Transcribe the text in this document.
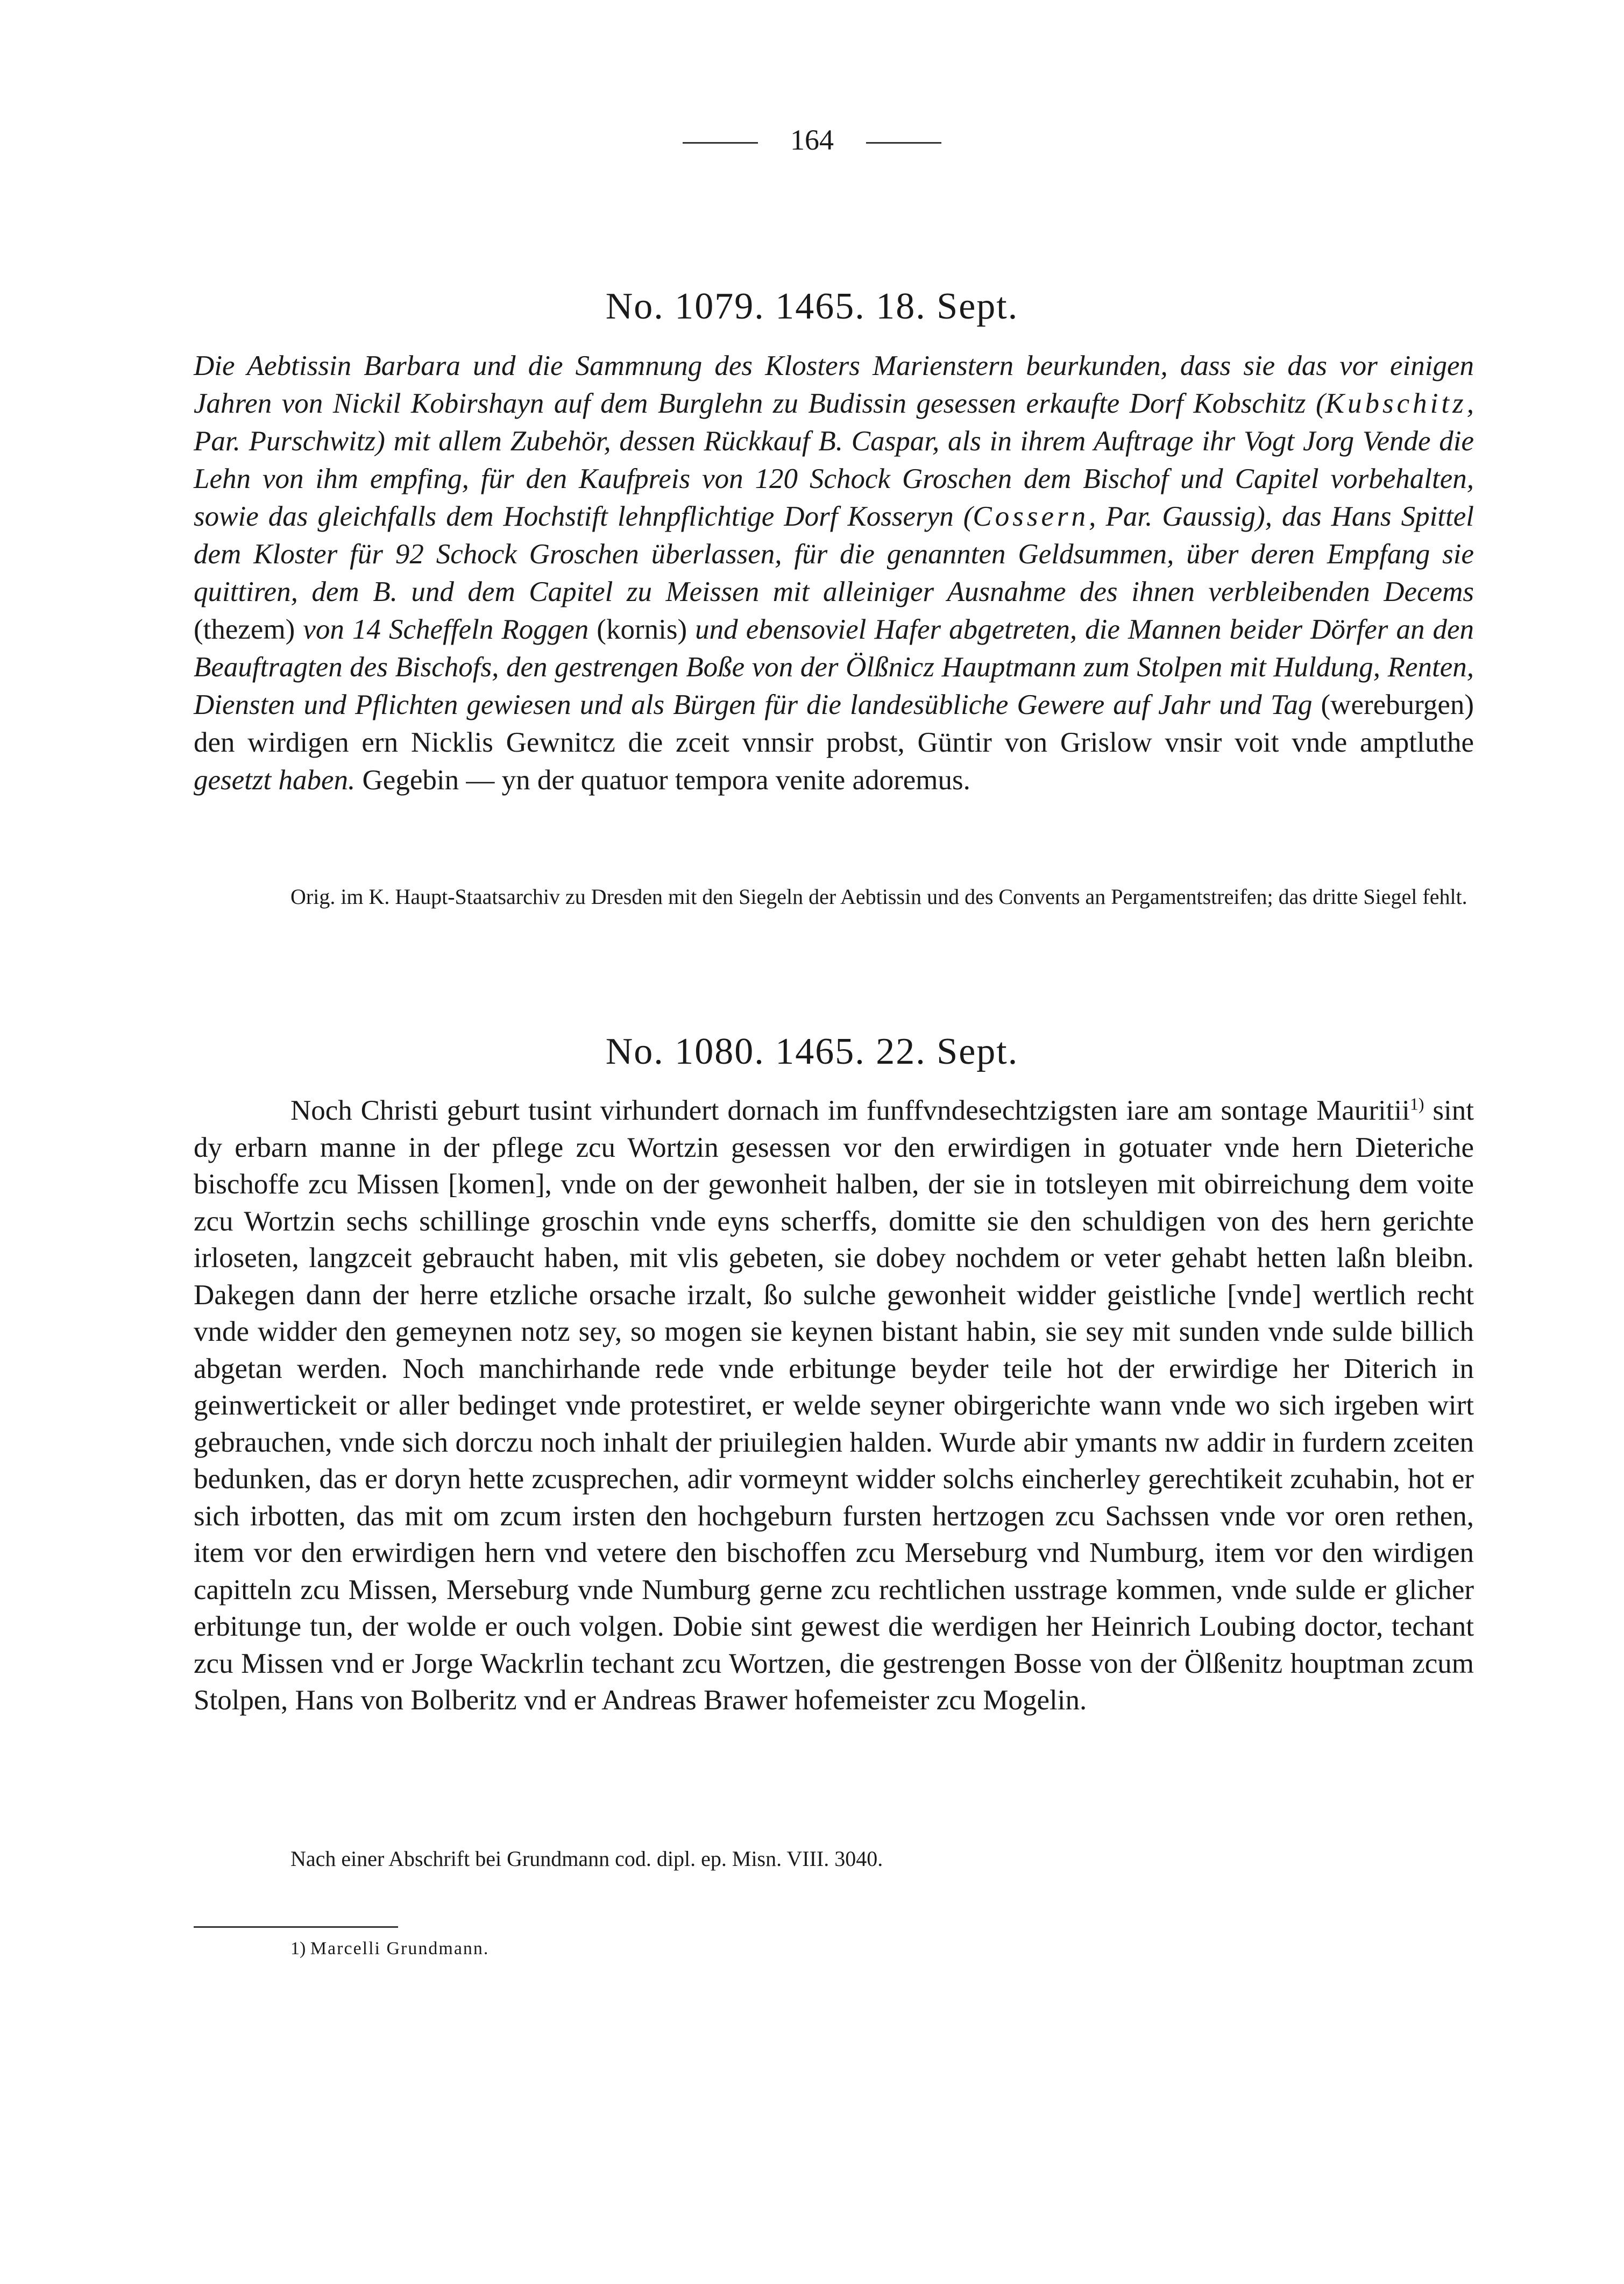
164
No. 1079. 1465. 18. Sept.
Die Aebtissin Barbara und die Sammnung des Klosters Marienstern beurkunden, dass sie das vor einigen Jahren von Nickil Kobirshayn auf dem Burglehn zu Budissin gesessen erkaufte Dorf Kobschitz (Kubschitz, Par. Purschwitz) mit allem Zubehör, dessen Rückkauf B. Caspar, als in ihrem Auftrage ihr Vogt Jorg Vende die Lehn von ihm empfing, für den Kaufpreis von 120 Schock Groschen dem Bischof und Capitel vorbehalten, sowie das gleichfalls dem Hochstift lehnpflichtige Dorf Kosseryn (Cossern, Par. Gaussig), das Hans Spittel dem Kloster für 92 Schock Groschen überlassen, für die genannten Geldsummen, über deren Empfang sie quittiren, dem B. und dem Capitel zu Meissen mit alleiniger Ausnahme des ihnen verbleibenden Decems (thezem) von 14 Scheffeln Roggen (kornis) und ebensoviel Hafer abgetreten, die Mannen beider Dörfer an den Beauftragten des Bischofs, den gestrengen Boße von der Ölßnicz Hauptmann zum Stolpen mit Huldung, Renten, Diensten und Pflichten gewiesen und als Bürgen für die landesübliche Gewere auf Jahr und Tag (wereburgen) den wirdigen ern Nicklis Gewnitcz die zceit vnnsir probst, Güntir von Grislow vnsir voit vnde amptluthe gesetzt haben. Gegebin — yn der quatuor tempora venite adoremus.
Orig. im K. Haupt-Staatsarchiv zu Dresden mit den Siegeln der Aebtissin und des Convents an Pergamentstreifen; das dritte Siegel fehlt.
No. 1080. 1465. 22. Sept.
Noch Christi geburt tusint virhundert dornach im funffvndesechtzigsten iare am sontage Mauritii$^{1)}$ sint dy erbarn manne in der pflege zcu Wortzin gesessen vor den erwirdigen in gotuater vnde hern Dieteriche bischoffe zcu Missen [komen], vnde on der gewonheit halben, der sie in totsleyen mit obirreichung dem voite zcu Wortzin sechs schillinge groschin vnde eyns scherffs, domitte sie den schuldigen von des hern gerichte irloseten, langzceit gebraucht haben, mit vlis gebeten, sie dobey nochdem or veter gehabt hetten laßn bleibn. Dakegen dann der herre etzliche orsache irzalt, ßo sulche gewonheit widder geistliche [vnde] wertlich recht vnde widder den gemeynen notz sey, so mogen sie keynen bistant habin, sie sey mit sunden vnde sulde billich abgetan werden. Noch manchirhande rede vnde erbitunge beyder teile hot der erwirdige her Diterich in geinwertickeit or aller bedinget vnde protestiret, er welde seyner obirgerichte wann vnde wo sich irgeben wirt gebrauchen, vnde sich dorczu noch inhalt der priuilegien halden. Wurde abir ymants nw addir in furdern zceiten bedunken, das er doryn hette zcusprechen, adir vormeynt widder solchs eincherley gerechtikeit zcuhabin, hot er sich irbotten, das mit om zcum irsten den hochgeburn fursten hertzogen zcu Sachssen vnde vor oren rethen, item vor den erwirdigen hern vnd vetere den bischoffen zcu Merseburg vnd Numburg, item vor den wirdigen capitteln zcu Missen, Merseburg vnde Numburg gerne zcu rechtlichen usstrage kommen, vnde sulde er glicher erbitunge tun, der wolde er ouch volgen. Dobie sint gewest die werdigen her Heinrich Loubing doctor, techant zcu Missen vnd er Jorge Wackrlin techant zcu Wortzen, die gestrengen Bosse von der Ölßenitz houptman zcum Stolpen, Hans von Bolberitz vnd er Andreas Brawer hofemeister zcu Mogelin.
Nach einer Abschrift bei Grundmann cod. dipl. ep. Misn. VIII. 3040.
1) Marcelli Grundmann.
